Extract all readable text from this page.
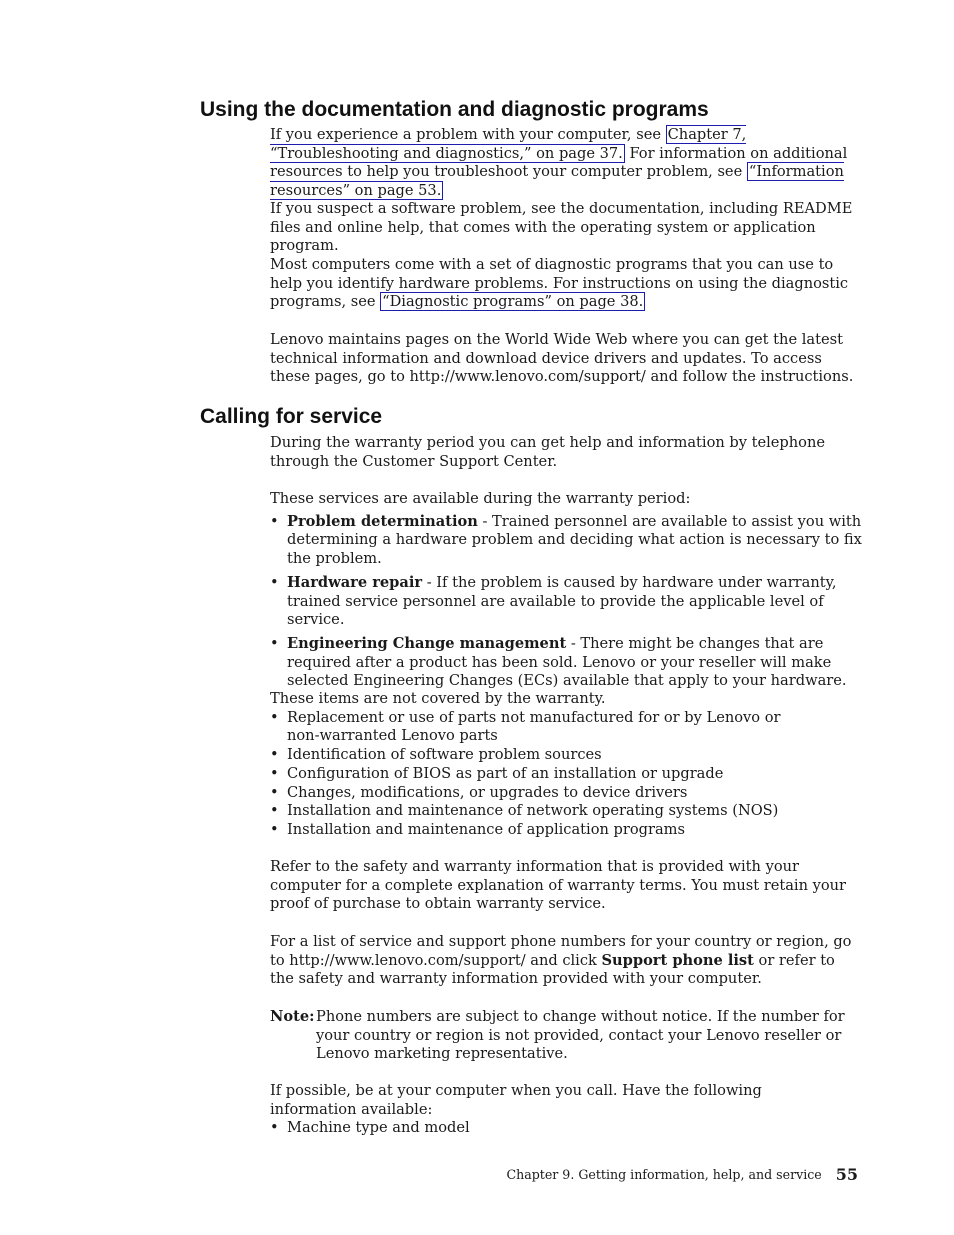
Using the documentation and diagnostic programs

If you experience a problem with your computer, see Chapter 7, “Troubleshooting and diagnostics,” on page 37. For information on additional resources to help you troubleshoot your computer problem, see “Information resources” on page 53.

If you suspect a software problem, see the documentation, including README files and online help, that comes with the operating system or application program.

Most computers come with a set of diagnostic programs that you can use to help you identify hardware problems. For instructions on using the diagnostic programs, see “Diagnostic programs” on page 38.

Lenovo maintains pages on the World Wide Web where you can get the latest technical information and download device drivers and updates. To access these pages, go to http://www.lenovo.com/support/ and follow the instructions.

Calling for service

During the warranty period you can get help and information by telephone through the Customer Support Center.

These services are available during the warranty period:

• Problem determination - Trained personnel are available to assist you with determining a hardware problem and deciding what action is necessary to fix the problem.
• Hardware repair - If the problem is caused by hardware under warranty, trained service personnel are available to provide the applicable level of service.
• Engineering Change management - There might be changes that are required after a product has been sold. Lenovo or your reseller will make selected Engineering Changes (ECs) available that apply to your hardware.

These items are not covered by the warranty.

• Replacement or use of parts not manufactured for or by Lenovo or non-warranted Lenovo parts
• Identification of software problem sources
• Configuration of BIOS as part of an installation or upgrade
• Changes, modifications, or upgrades to device drivers
• Installation and maintenance of network operating systems (NOS)
• Installation and maintenance of application programs

Refer to the safety and warranty information that is provided with your computer for a complete explanation of warranty terms. You must retain your proof of purchase to obtain warranty service.

For a list of service and support phone numbers for your country or region, go to http://www.lenovo.com/support/ and click Support phone list or refer to the safety and warranty information provided with your computer.

Note: Phone numbers are subject to change without notice. If the number for your country or region is not provided, contact your Lenovo reseller or Lenovo marketing representative.

If possible, be at your computer when you call. Have the following information available:

• Machine type and model
Chapter 9. Getting information, help, and service 55
